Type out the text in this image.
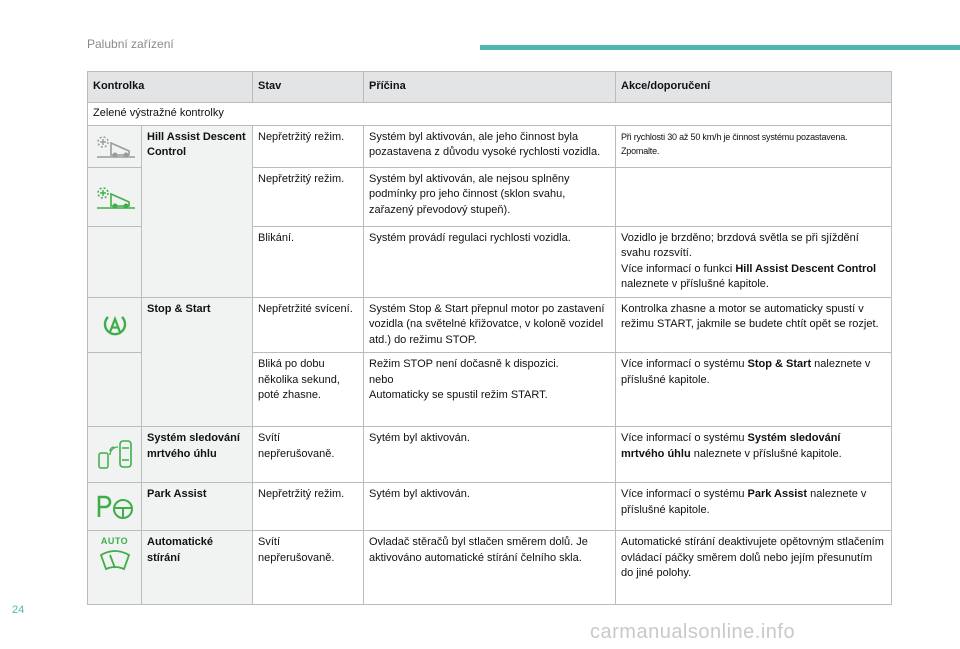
Palubní zařízení
Kontrolka		Stav	Příčina	Akce/doporučení
Zelené výstražné kontrolky				

	Hill Assist Descent Control	Nepřetržitý režim.	Systém byl aktivován, ale jeho činnost byla pozastavena z důvodu vysoké rychlosti vozidla.	Při rychlosti 30 až 50 km/h je činnost systému pozastavena. Zpomalte.

	Nepřetržitý režim.	Systém byl aktivován, ale nejsou splněny podmínky pro jeho činnost (sklon svahu, zařazený převodový stupeň).	
		Blikání.	Systém provádí regulaci rychlosti vozidla.	Vozidlo je brzděno; brzdová světla se při sjíždění svahu rozsvítí.
Více informací o funkci Hill Assist Descent Control naleznete v příslušné kapitole.

	Stop & Start	Nepřetržité svícení.	Systém Stop & Start přepnul motor po zastavení vozidla (na světelné křižovatce, v koloně vozidel atd.) do režimu STOP.	Kontrolka zhasne a motor se automaticky spustí v režimu START, jakmile se budete chtít opět se rozjet.
		Bliká po dobu několika sekund, poté zhasne.	Režim STOP není dočasně k dispozici.
nebo
Automaticky se spustil režim START.	Více informací o systému Stop & Start naleznete v příslušné kapitole.

	Systém sledování mrtvého úhlu	Svítí nepřerušovaně.	Sytém byl aktivován.	Více informací o systému Systém sledování mrtvého úhlu naleznete v příslušné kapitole.

	Park Assist	Nepřetržitý režim.	Sytém byl aktivován.	Více informací o systému Park Assist naleznete v příslušné kapitole.

AUTO	Automatické stírání	Svítí nepřerušovaně.	Ovladač stěračů byl stlačen směrem dolů. Je aktivováno automatické stírání čelního skla.	Automatické stírání deaktivujete opětovným stlačením ovládací páčky směrem dolů nebo jejím přesunutím do jiné polohy.
24
carmanualsonline.info
